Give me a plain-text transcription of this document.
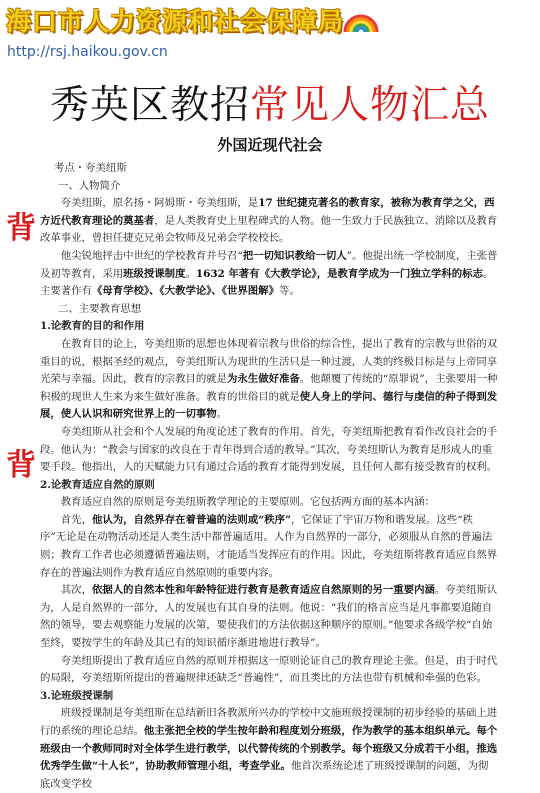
海口市人力资源和社会保障局
http://rsj.haikou.gov.cn
秀英区教招常见人物汇总
外国近现代社会
背
背
考点・夸美纽斯
一、人物简介

夸美纽斯，原名扬・阿姆斯・夸美纽斯，是17 世纪捷克著名的教育家，被称为教育学之父，西方近代教育理论的奠基者，是人类教育史上里程碑式的人物。他一生致力于民族独立、消除以及教育改革事业，曾担任捷克兄弟会牧师及兄弟会学校校长。

他尖锐地抨击中世纪的学校教育并号召“把一切知识教给一切人”。他提出统一学校制度，主张普及初等教育，采用班级授课制度。1632 年著有《大教学论》，是教育学成为一门独立学科的标志。主要著作有《母育学校》、《大教学论》、《世界图解》等。

二、主要教育思想
1.论教育的目的和作用

在教育目的论上，夸美纽斯的思想也体现着宗教与世俗的综合性，提出了教育的宗教与世俗的双重目的说，根据圣经的观点，夸美纽斯认为现世的生活只是一种过渡，人类的终极目标是与上帝同享光荣与幸福。因此，教育的宗教目的就是为永生做好准备。他颠覆了传统的“原罪说”，主张要用一种积极的现世人生来为来生做好准备。教育的世俗目的就是使人身上的学问、德行与虔信的种子得到发展，使人认识和研究世界上的一切事物。

夸美纽斯从社会和个人发展的角度论述了教育的作用。首先，夸美纽斯把教育看作改良社会的手段。他认为：“教会与国家的改良在于青年得到合适的教导。”其次，夸美纽斯认为教育是形成人的重要手段。他指出，人的天赋能力只有通过合适的教育才能得到发展，且任何人都有接受教育的权利。

2.论教育适应自然的原则

教育适应自然的原则是夸美纽斯教学理论的主要原则。它包括两方面的基本内涵：

首先，他认为，自然界存在着普遍的法则或“秩序”，它保证了宇宙万物和谐发展。这些“秩序”无论是在动物活动还是人类生活中都普遍适用。人作为自然界的一部分，必须服从自然的普遍法则；教育工作者也必须遵循普遍法则，才能适当发挥应有的作用。因此，夸美纽斯将教育适应自然界存在的普遍法则作为教育适应自然原则的重要内容。

其次，依据人的自然本性和年龄特征进行教育是教育适应自然原则的另一重要内涵。夸美纽斯认为，人是自然界的一部分，人的发展也有其自身的法则。他说：“我们的格言应当是凡事都要追随自然的领导，要去观察能力发展的次第，要使我们的方法依据这种顺序的原则。”他要求各级学校“自始至终，要按学生的年龄及其已有的知识循序渐进地进行教导”。

夸美纽斯提出了教育适应自然的原则并根据这一原则论证自己的教育理论主张。但是，由于时代的局限，夸美纽斯所提出的普遍规律还缺乏“普遍性”，而且类比的方法也带有机械和牵强的色彩。

3.论班级授课制

班级授课制是夸美纽斯在总结新旧各教派所兴办的学校中文施班级授课制的初步经验的基础上进行的系统的理论总结。他主张把全校的学生按年龄和程度划分班级，作为教学的基本组织单元。每个班级由一个教师同时对全体学生进行教学，以代替传统的个别教学。每个班级又分成若干小组，推选优秀学生做“十人长”，协助教师管理小组，考查学业。他首次系统论述了班级授课制的问题，为彻底改变学校
